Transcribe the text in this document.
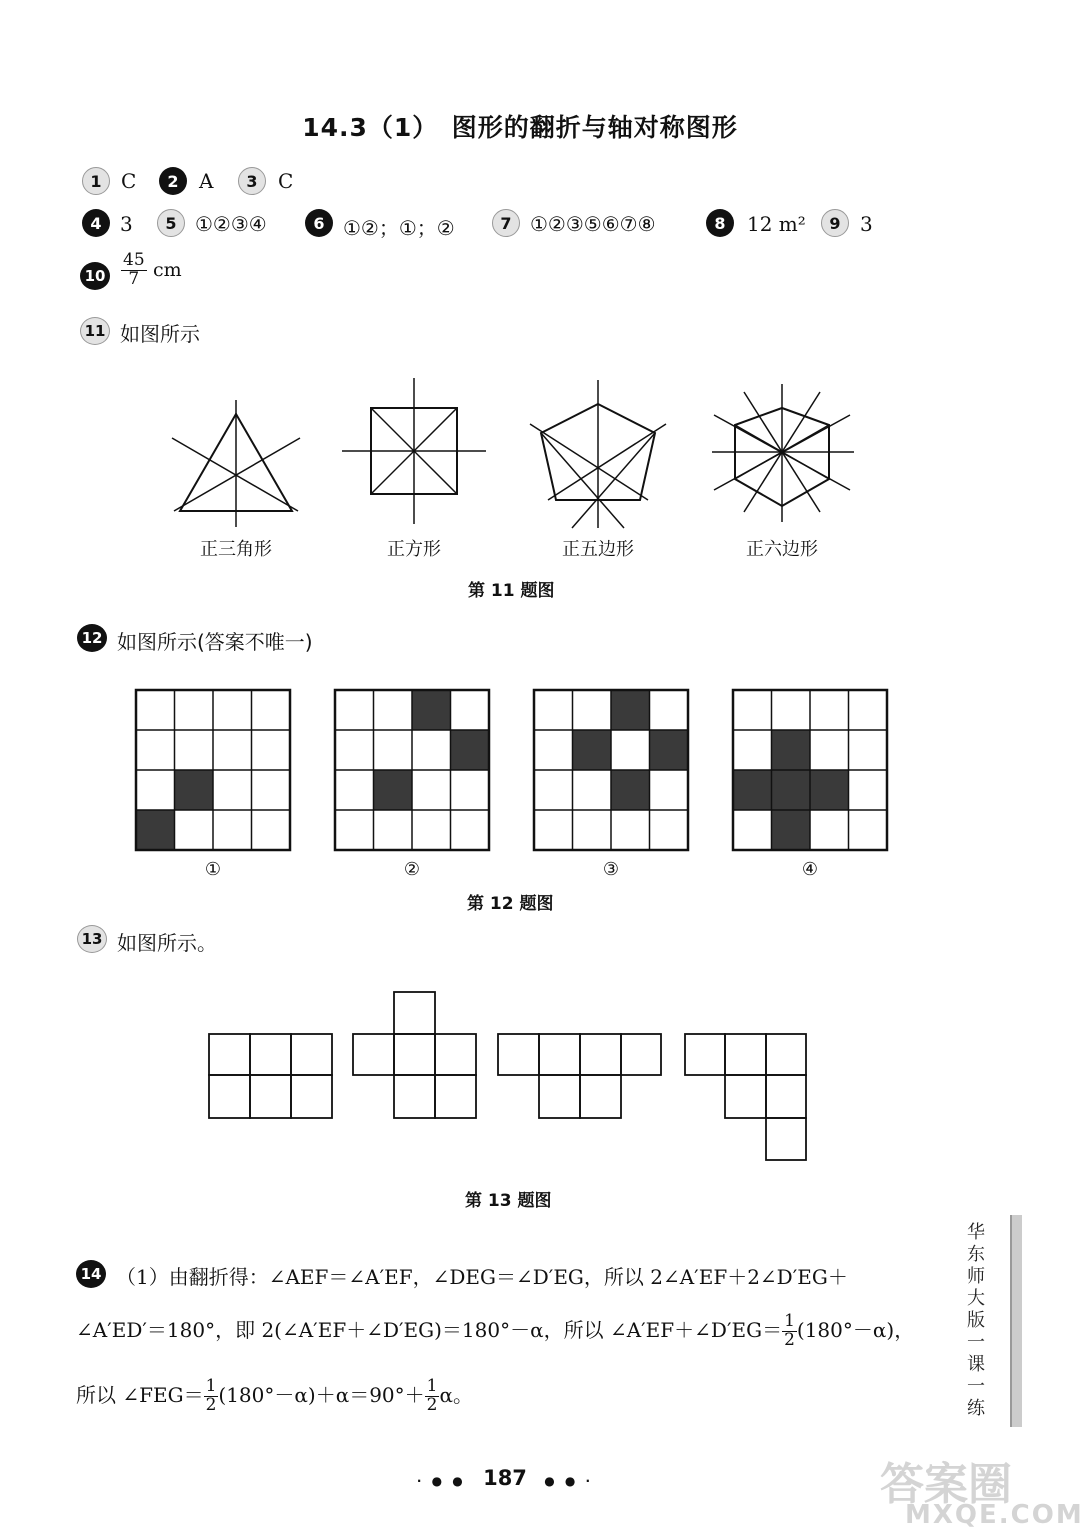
14.3（1）　图形的翻折与轴对称图形
1 C	2	A	3	C
4 3	5 ①②③④	6 ①②；①；②	7 ①②③⑤⑥⑦⑧	8	12 m²	9 3
$10 \frac{45}{7}$ cm
11 如图所示
正三角形	正方形	正五边形	正六边形
第 11 题图
12 如图所示(答案不唯一)
①	②	③	④
第 12 题图
13 如图所示。
第 13 题图
14 （1）由翻折得：∠AEF＝∠A′EF，∠DEG＝∠D′EG，所以 2∠A′EF＋2∠D′EG＋
∠A′ED′＝180°，即 2(∠A′EF＋∠D′EG)＝180°－α，所以 ∠A′EF＋∠D′EG＝ $\frac{1}{2} (180^\circ-\alpha)$，
所以 ∠FEG＝ $\frac{1}{2} (180^\circ-\alpha)+\alpha=90^\circ+ \frac{1}{2}$ α。
华
东
师
大
版
一
课
一
练
· ● ● 187 ● ● ·	答案圈
MXQE.COM
